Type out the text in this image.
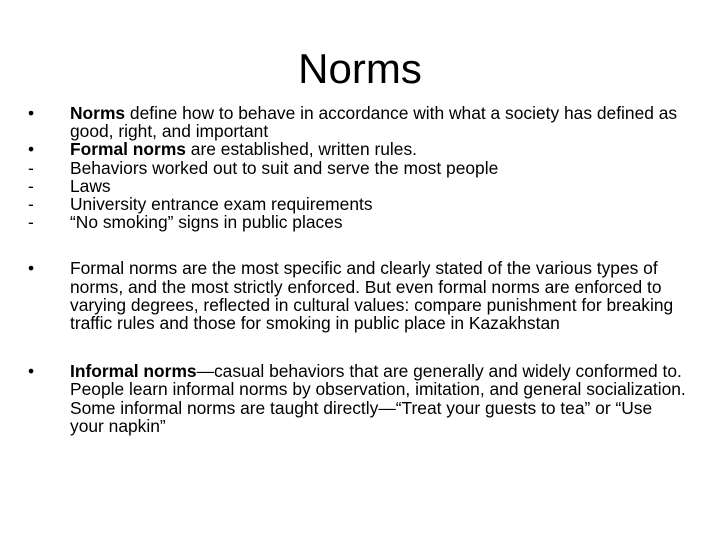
Norms
•	Norms define how to behave in accordance with what a society has defined as good, right, and important
•	Formal norms are established, written rules.
-	Behaviors worked out to suit and serve the most people
-	Laws
-	University entrance exam requirements
-	“No smoking” signs in public places
•	Formal norms are the most specific and clearly stated of the various types of norms, and the most strictly enforced. But even formal norms are enforced to varying degrees, reflected in cultural values: compare punishment for breaking traffic rules and those for smoking in public place in Kazakhstan
•	Informal norms—casual behaviors that are generally and widely conformed to. People learn informal norms by observation, imitation, and general socialization. Some informal norms are taught directly—“Treat your guests to tea” or “Use your napkin”
